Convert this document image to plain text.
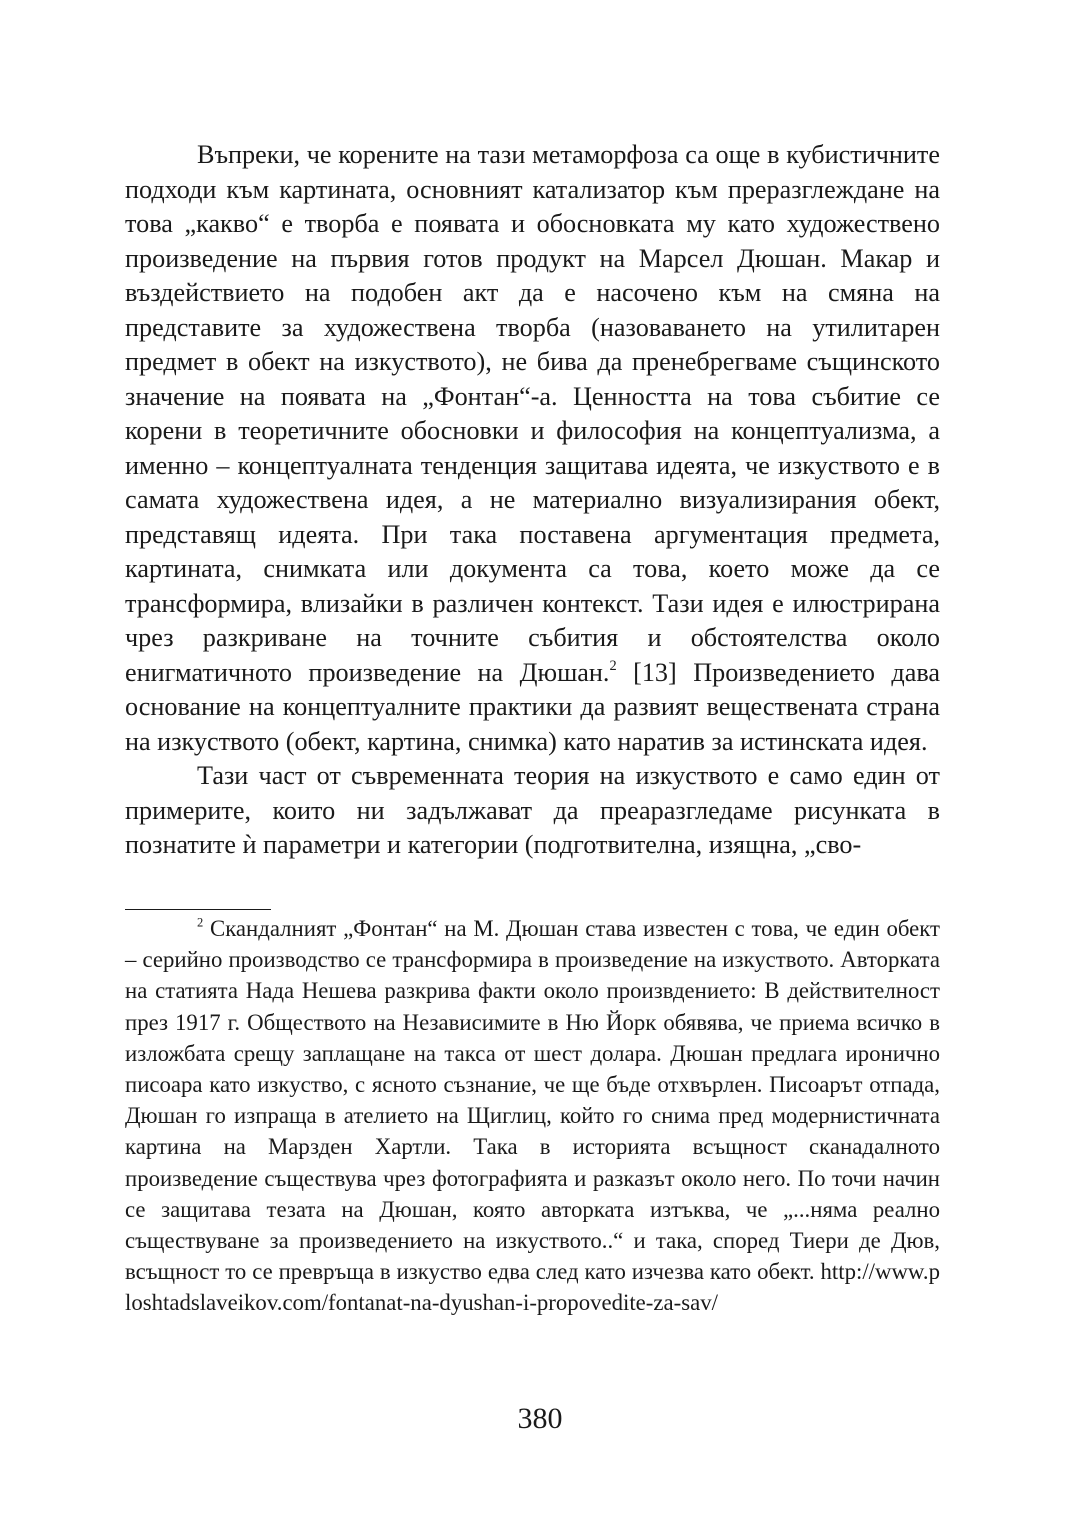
Въпреки, че корените на тази метаморфоза са още в кубистичните подходи към картината, основният катализатор към преразглеждане на това „какво“ е творба е появата и обосновката му като художествено произведение на първия готов продукт на Марсел Дюшан. Макар и въздействието на подобен акт да е насочено към на смяна на представите за художествена творба (назоваването на утилитарен предмет в обект на изкуството), не бива да пренебрегваме същинското значение на появата на „Фонтан“-а. Ценността на това събитие се корени в теоретичните обосновки и философия на концептуализма, а именно – концептуалната тенденция защитава идеята, че изкуството е в самата художествена идея, а не материално визуализирания обект, представящ идеята. При така поставена аргументация предмета, картината, снимката или документа са това, което може да се трансформира, влизайки в различен контекст. Тази идея е илюстрирана чрез разкриване на точните събития и обстоятелства около енигматичното произведение на Дюшан.$^2$ [13] Произведението дава основание на концептуалните практики да развият веществената страна на изкуството (обект, картина, снимка) като нaратив за истинската идея.

Тази част от съвременната теория на изкуството е само един от примерите, които ни задължават да преаразгледаме рисунката в познатите ѝ параметри и категории (подготвителна, изящна, „сво-

$^2$ Скандалният „Фонтан“ на М. Дюшан става известен с това, че един обект – серийно производство се трансформира в произведение на изкуството. Авторката на статията Нада Нешева разкрива факти около произвдението: В действителност през 1917 г. Обществото на Независимите в Ню Йорк обявява, че приема всичко в изложбата срещу заплащане на такса от шест долара. Дюшан предлага иронично писоара като изкуство, с ясното съзнание, че ще бъде отхвърлен. Писоарът отпада, Дюшан го изпраща в ателието на Щиглиц, който го снима пред модернистичната картина на Марзден Хартли. Така в историята всъщност сканадалното произведение съществува чрез фотографията и разказът около него. По точи начин се защитава тезата на Дюшан, която авторката изтъква, че „...няма реално съществуване за произведението на изкуството..“ и така, според Тиери де Дюв, всъщност то се превръща в изкуство едва след като изчезва като обект. http://www.ploshtadslaveikov.com/fontanat-na-dyushan-i-propovedite-za-sav/

380
